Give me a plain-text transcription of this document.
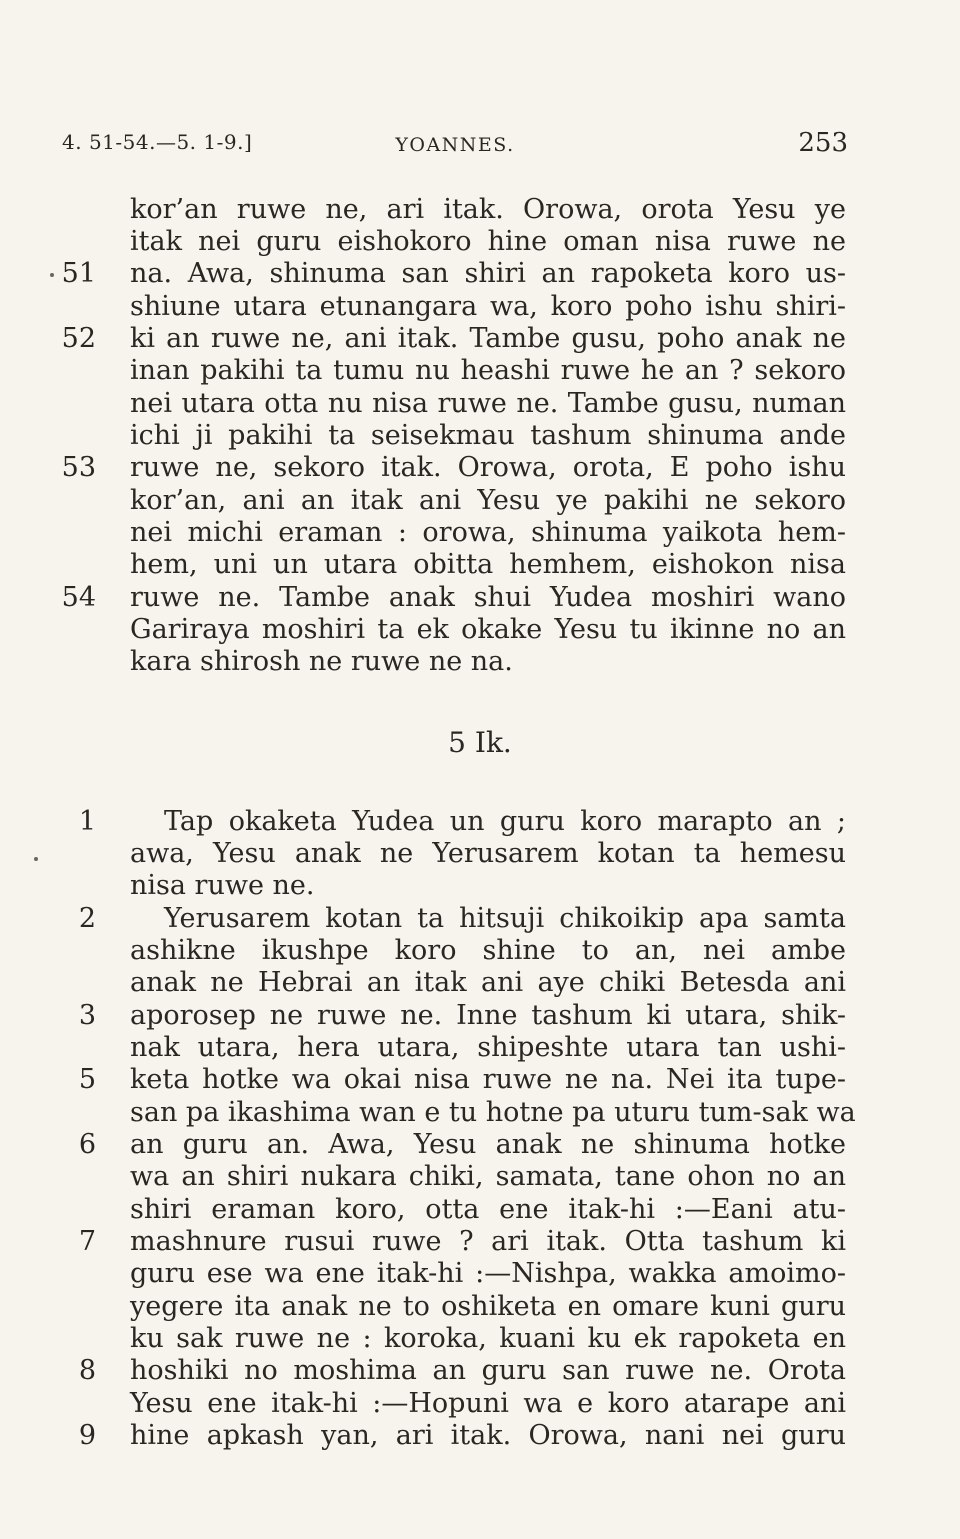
4. 51-54.—5. 1-9.]	YOANNES.	253
kor’an ruwe ne, ari itak. Orowa, orota Yesu ye
itak nei guru eishokoro hine oman nisa ruwe ne
na. Awa, shinuma san shiri an rapoketa koro us-
shiune utara etunangara wa, koro poho ishu shiri-
ki an ruwe ne, ani itak. Tambe gusu, poho anak ne
inan pakihi ta tumu nu heashi ruwe he an ? sekoro
nei utara otta nu nisa ruwe ne. Tambe gusu, numan
ichi ji pakihi ta seisekmau tashum shinuma ande
ruwe ne, sekoro itak. Orowa, orota, E poho ishu
kor’an, ani an itak ani Yesu ye pakihi ne sekoro
nei michi eraman : orowa, shinuma yaikota hem-
hem, uni un utara obitta hemhem, eishokon nisa
ruwe ne. Tambe anak shui Yudea moshiri wano
Gariraya moshiri ta ek okake Yesu tu ikinne no an
kara shirosh ne ruwe ne na.
51
52
53
54
5 Ik.
Tap okaketa Yudea un guru koro marapto an ;
awa, Yesu anak ne Yerusarem kotan ta hemesu
nisa ruwe ne.
Yerusarem kotan ta hitsuji chikoikip apa samta
ashikne ikushpe koro shine to an, nei ambe
anak ne Hebrai an itak ani aye chiki Betesda ani
aporosep ne ruwe ne. Inne tashum ki utara, shik-
nak utara, hera utara, shipeshte utara tan ushi-
keta hotke wa okai nisa ruwe ne na. Nei ita tupe-
san pa ikashima wan e tu hotne pa uturu tum-sak wa
an guru an. Awa, Yesu anak ne shinuma hotke
wa an shiri nukara chiki, samata, tane ohon no an
shiri eraman koro, otta ene itak-hi :—Eani atu-
mashnure rusui ruwe ? ari itak. Otta tashum ki
guru ese wa ene itak-hi :—Nishpa, wakka amoimo-
yegere ita anak ne to oshiketa en omare kuni guru
ku sak ruwe ne : koroka, kuani ku ek rapoketa en
hoshiki no moshima an guru san ruwe ne. Orota
Yesu ene itak-hi :—Hopuni wa e koro atarape ani
hine apkash yan, ari itak. Orowa, nani nei guru
1
2
3
5
6
7
8
9
